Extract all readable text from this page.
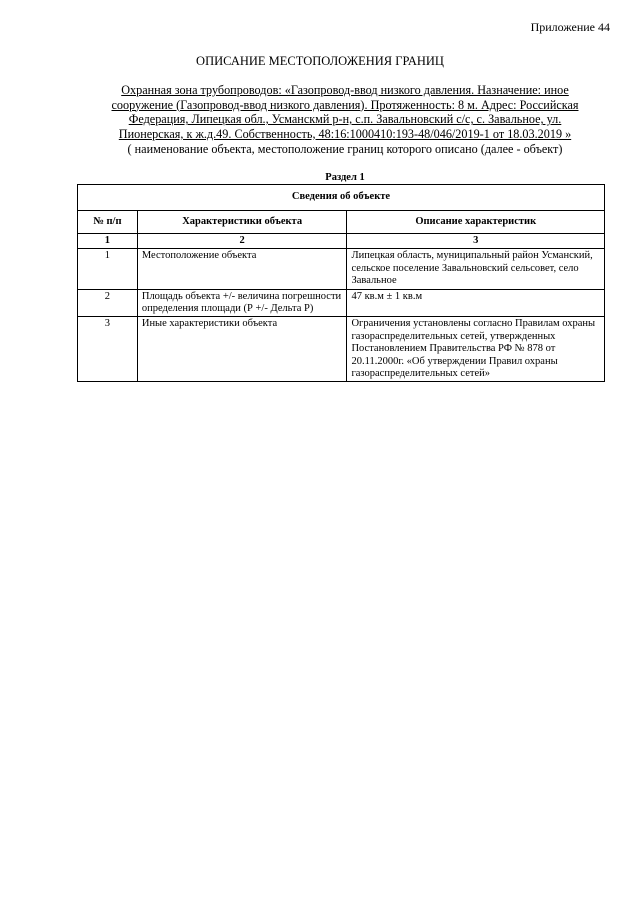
Приложение 44
ОПИСАНИЕ МЕСТОПОЛОЖЕНИЯ ГРАНИЦ
Охранная зона трубопроводов: «Газопровод-ввод низкого давления. Назначение: иное
сооружение (Газопровод-ввод низкого давления). Протяженность: 8 м. Адрес: Российская
Федерация, Липецкая обл., Усманскмй р-н, с.п. Завальновский с/с, с. Завальное, ул.
Пионерская, к ж.д.49. Собственность, 48:16:1000410:193-48/046/2019-1 от 18.03.2019 »
( наименование объекта, местоположение границ которого описано (далее - объект)
Раздел 1
Сведения об объекте		
№ п/п	Характеристики объекта	Описание характеристик
1	2	3
1	Местоположение объекта	Липецкая область, муниципальный район Усманский, сельское поселение Завальновский сельсовет, село Завальное
2	Площадь объекта +/- величина погрешности определения площади (Р +/- Дельта Р)	47 кв.м ± 1 кв.м
3	Иные характеристики объекта	Ограничения установлены согласно Правилам охраны газораспределительных сетей, утвержденных Постановлением Правительства РФ № 878 от 20.11.2000г. «Об утверждении Правил охраны газораспределительных сетей»
